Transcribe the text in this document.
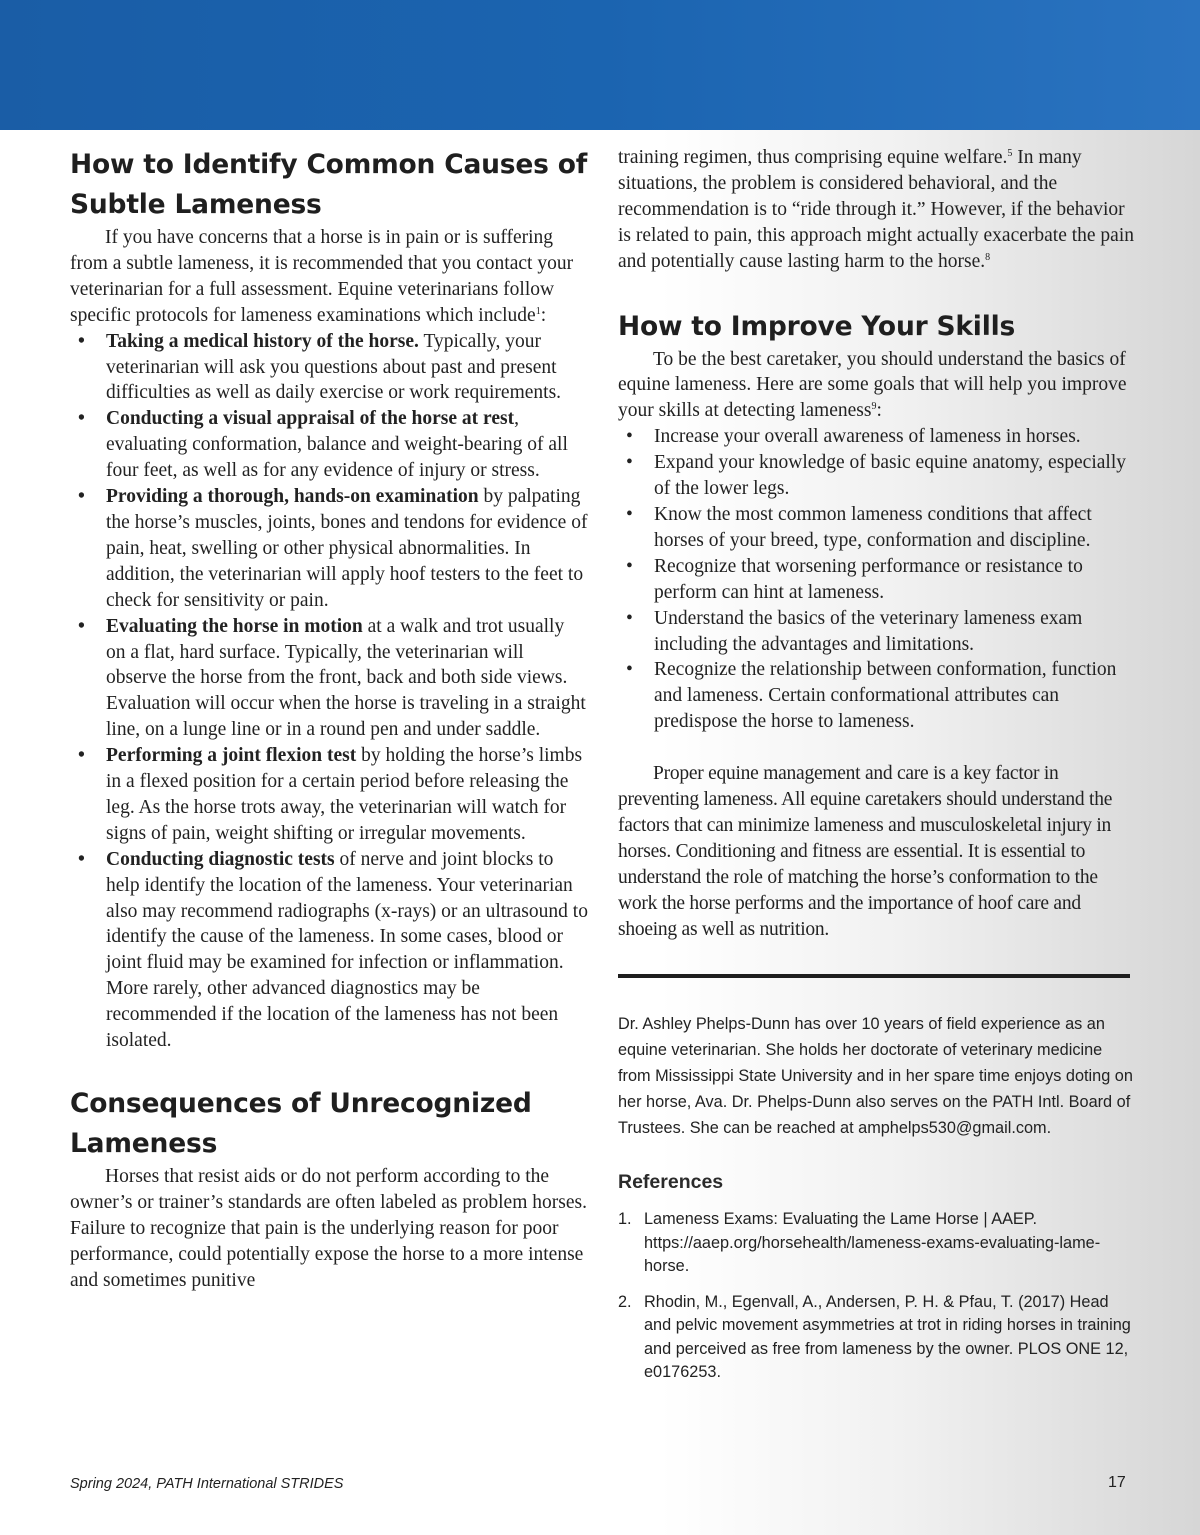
How to Identify Common Causes of Subtle Lameness

If you have concerns that a horse is in pain or is suffering from a subtle lameness, it is recommended that you contact your veterinarian for a full assessment. Equine veterinarians follow specific protocols for lameness examinations which include$^1$:

• Taking a medical history of the horse. Typically, your veterinarian will ask you questions about past and present difficulties as well as daily exercise or work requirements.
• Conducting a visual appraisal of the horse at rest, evaluating conformation, balance and weight-bearing of all four feet, as well as for any evidence of injury or stress.
• Providing a thorough, hands-on examination by palpating the horse’s muscles, joints, bones and tendons for evidence of pain, heat, swelling or other physical abnormalities. In addition, the veterinarian will apply hoof testers to the feet to check for sensitivity or pain.
• Evaluating the horse in motion at a walk and trot usually on a flat, hard surface. Typically, the veterinarian will observe the horse from the front, back and both side views. Evaluation will occur when the horse is traveling in a straight line, on a lunge line or in a round pen and under saddle.
• Performing a joint flexion test by holding the horse’s limbs in a flexed position for a certain period before releasing the leg. As the horse trots away, the veterinarian will watch for signs of pain, weight shifting or irregular movements.
• Conducting diagnostic tests of nerve and joint blocks to help identify the location of the lameness. Your veterinarian also may recommend radiographs (x-rays) or an ultrasound to identify the cause of the lameness. In some cases, blood or joint fluid may be examined for infection or inflammation. More rarely, other advanced diagnostics may be recommended if the location of the lameness has not been isolated.
Consequences of Unrecognized Lameness

Horses that resist aids or do not perform according to the owner’s or trainer’s standards are often labeled as problem horses. Failure to recognize that pain is the underlying reason for poor performance, could potentially expose the horse to a more intense and sometimes punitive

training regimen, thus comprising equine welfare.$^5$ In many situations, the problem is considered behavioral, and the recommendation is to “ride through it.” However, if the behavior is related to pain, this approach might actually exacerbate the pain and potentially cause lasting harm to the horse.$^8$

How to Improve Your Skills

To be the best caretaker, you should understand the basics of equine lameness. Here are some goals that will help you improve your skills at detecting lameness$^9$:

• Increase your overall awareness of lameness in horses.
• Expand your knowledge of basic equine anatomy, especially of the lower legs.
• Know the most common lameness conditions that affect horses of your breed, type, conformation and discipline.
• Recognize that worsening performance or resistance to perform can hint at lameness.
• Understand the basics of the veterinary lameness exam including the advantages and limitations.
• Recognize the relationship between conformation, function and lameness. Certain conformational attributes can predispose the horse to lameness.

Proper equine management and care is a key factor in preventing lameness. All equine caretakers should understand the factors that can minimize lameness and musculoskeletal injury in horses. Conditioning and fitness are essential. It is essential to understand the role of matching the horse’s conformation to the work the horse performs and the importance of hoof care and shoeing as well as nutrition.

Dr. Ashley Phelps-Dunn has over 10 years of field experience as an equine veterinarian. She holds her doctorate of veterinary medicine from Mississippi State University and in her spare time enjoys doting on her horse, Ava. Dr. Phelps-Dunn also serves on the PATH Intl. Board of Trustees. She can be reached at amphelps530@gmail.com.

References
1. Lameness Exams: Evaluating the Lame Horse | AAEP. https://aaep.org/horsehealth/lameness-exams-evaluating-lame-horse.
2. Rhodin, M., Egenvall, A., Andersen, P. H. & Pfau, T. (2017) Head and pelvic movement asymmetries at trot in riding horses in training and perceived as free from lameness by the owner. PLOS ONE 12, e0176253.
Spring 2024, PATH International STRIDES	17
